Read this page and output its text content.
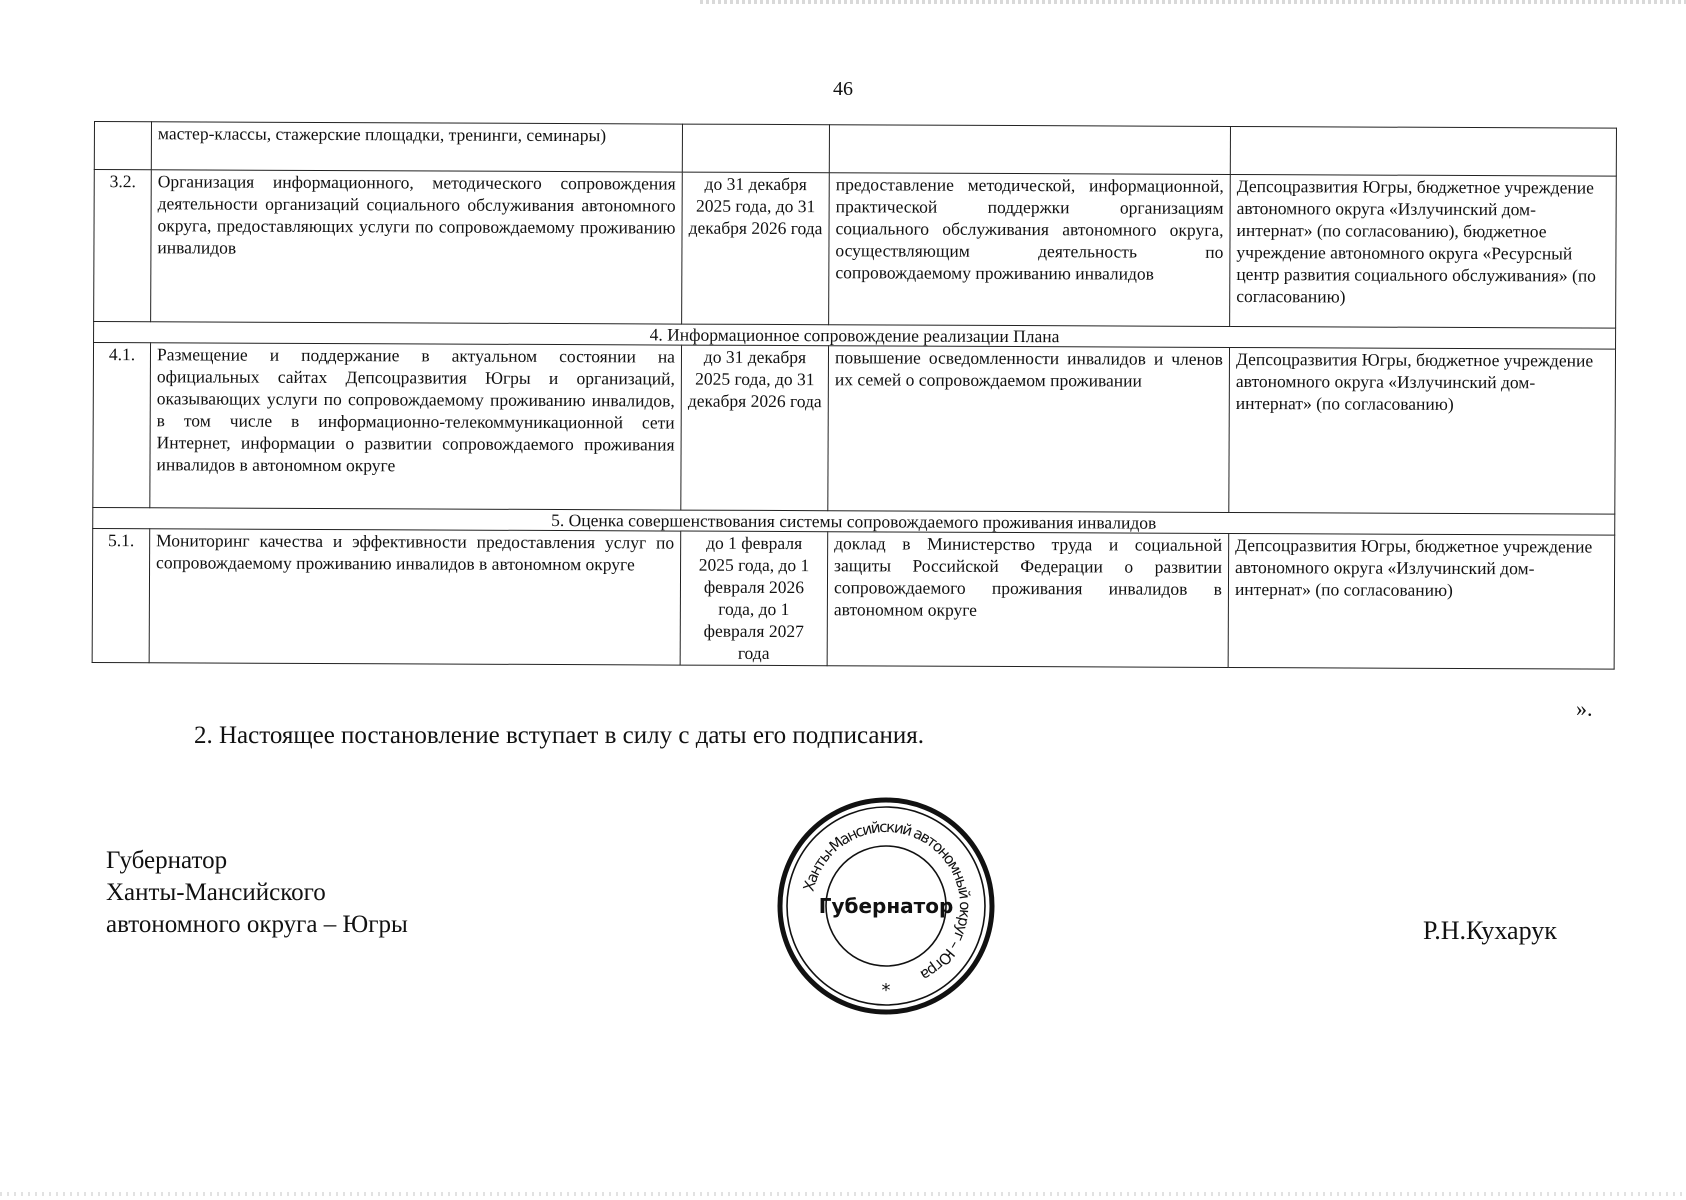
46
	мастер-классы, стажерские площадки, тренинги, семинары)			
3.2.	Организация информационного, методического сопровождения деятельности организаций социального обслуживания автономного округа, предоставляющих услуги по сопровождаемому проживанию инвалидов	до 31 декабря 2025 года, до 31 декабря 2026 года	предоставление методической, информационной, практической поддержки организациям социального обслуживания автономного округа, осуществляющим деятельность по сопровождаемому проживанию инвалидов	Депсоцразвития Югры, бюджетное учреждение автономного округа «Излучинский дом-интернат» (по согласованию), бюджетное учреждение автономного округа «Ресурсный центр развития социального обслуживания» (по согласованию)
4. Информационное сопровождение реализации Плана				
4.1.	Размещение и поддержание в актуальном состоянии на официальных сайтах Депсоцразвития Югры и организаций, оказывающих услуги по сопровождаемому проживанию инвалидов, в том числе в информационно-телекоммуникационной сети Интернет, информации о развитии сопровождаемого проживания инвалидов в автономном округе	до 31 декабря 2025 года, до 31 декабря 2026 года	повышение осведомленности инвалидов и членов их семей о сопровождаемом проживании	Депсоцразвития Югры, бюджетное учреждение автономного округа «Излучинский дом-интернат» (по согласованию)
5. Оценка совершенствования системы сопровождаемого проживания инвалидов				
5.1.	Мониторинг качества и эффективности предоставления услуг по сопровождаемому проживанию инвалидов в автономном округе	до 1 февраля 2025 года, до 1 февраля 2026 года, до 1 февраля 2027 года	доклад в Министерство труда и социальной защиты Российской Федерации о развитии сопровождаемого проживания инвалидов в автономном округе	Депсоцразвития Югры, бюджетное учреждение автономного округа «Излучинский дом-интернат» (по согласованию)
».
2. Настоящее постановление вступает в силу с даты его подписания.
Губернатор
Ханты-Мансийского
автономного округа – Югры
Ханты-Мансийский автономный округ – Югра
Губернатор
*
Р.Н.Кухарук
